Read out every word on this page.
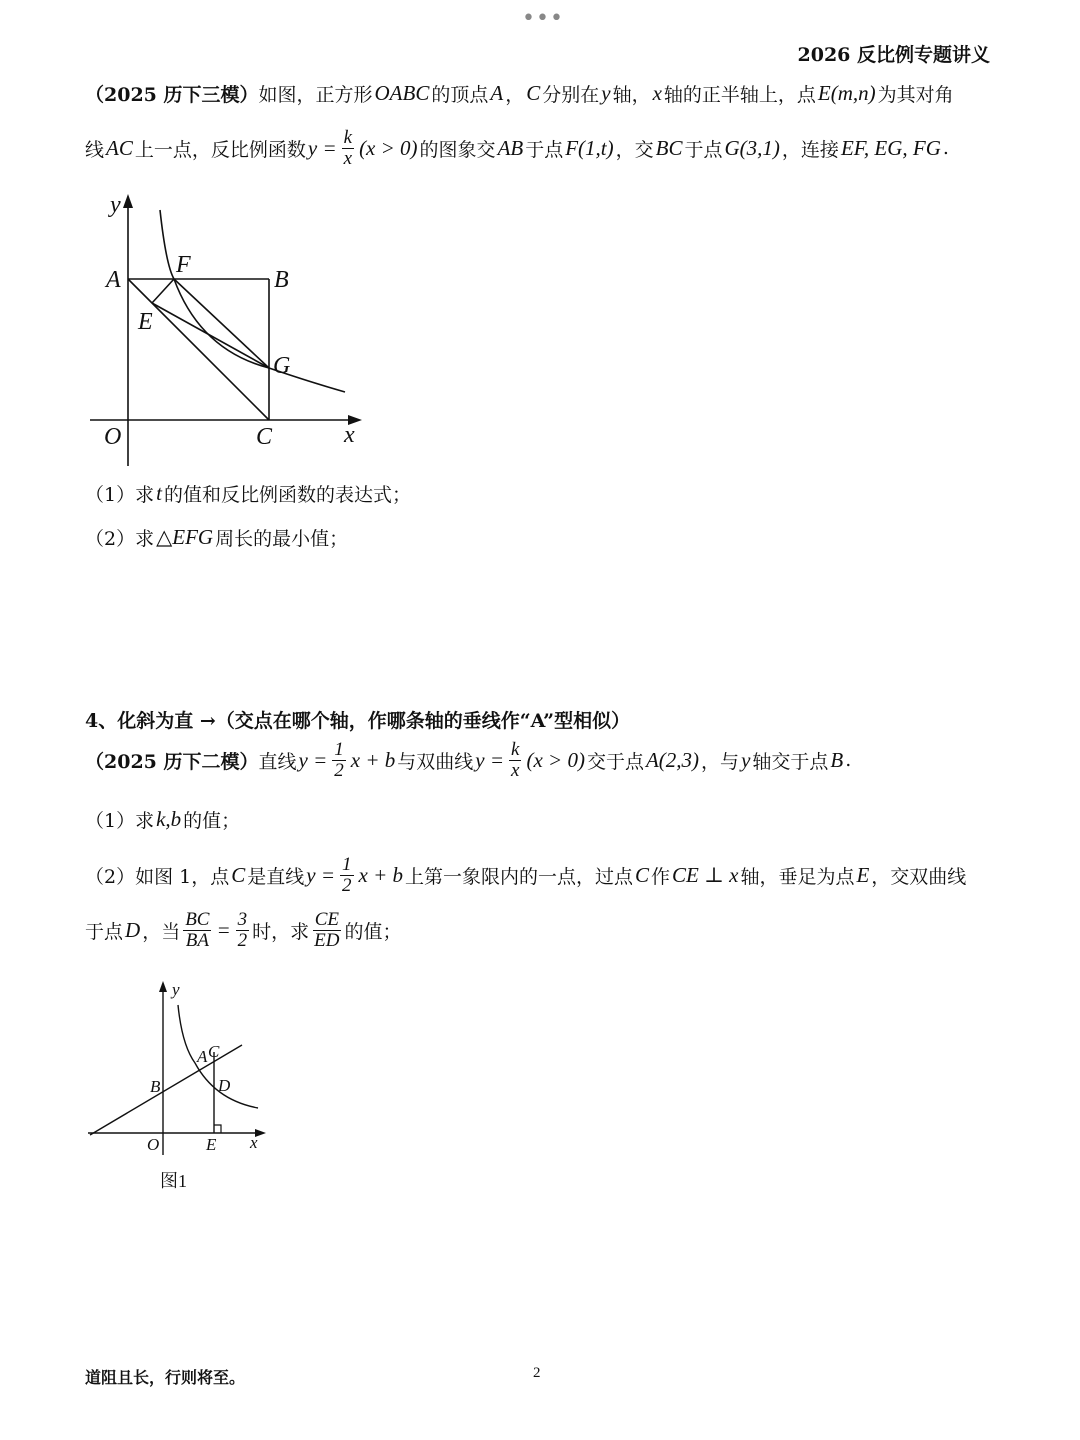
•••
2026 反比例专题讲义
（2025 历下三模） 如图，正方形 OABC 的顶点 A ， C 分别在 y 轴， x 轴的正半轴上，点 E(m,n) 为其对角
线 AC 上一点，反比例函数 $y = \frac{k}{x} (x > 0)$ 的图象交 AB 于点 F(1,t) ，交 BC 于点 G(3,1) ，连接 EF, EG, FG .
y
x
O
A	B
C
E
F
G
（1）求 t 的值和反比例函数的表达式；
（2）求 △EFG 周长的最小值；
4、化斜为直 →（交点在哪个轴，作哪条轴的垂线作“A”型相似）
（2025 历下二模） 直线 $y = \frac{1}{2}$ x + b 与双曲线 $y = \frac{k}{x} (x > 0)$ 交于点 A(2,3) ，与 y 轴交于点 B .
（1）求 k,b 的值；
（2）如图 1，点 C 是直线 $y = \frac{1}{2}$ x + b 上第一象限内的一点，过点 C 作 CE ⊥ x 轴，垂足为点 E ，交双曲线
于点 D ，当 $\frac{BC}{BA} = \frac{3}{2}$ 时，求 $\frac{CE}{ED}$ 的值；
y
x
O
A
B
C
D
E
图1
道阻且长，行则将至。	2
